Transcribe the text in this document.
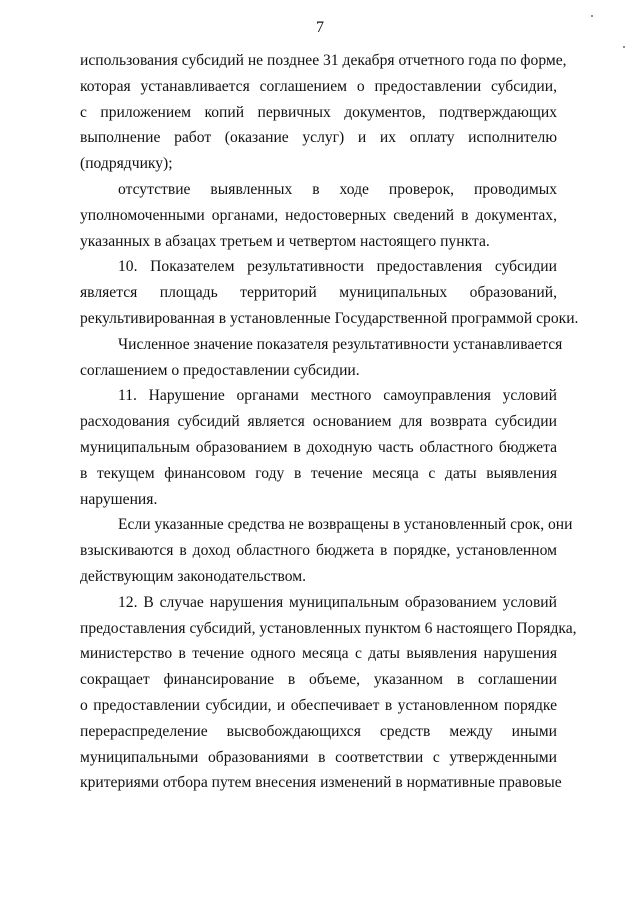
7
использования субсидий не позднее 31 декабря отчетного года по форме,
которая устанавливается соглашением о предоставлении субсидии,
с приложением копий первичных документов, подтверждающих
выполнение работ (оказание услуг) и их оплату исполнителю
(подрядчику);
отсутствие выявленных в ходе проверок, проводимых
уполномоченными органами, недостоверных сведений в документах,
указанных в абзацах третьем и четвертом настоящего пункта.
10. Показателем результативности предоставления субсидии
является площадь территорий муниципальных образований,
рекультивированная в установленные Государственной программой сроки.
Численное значение показателя результативности устанавливается
соглашением о предоставлении субсидии.
11. Нарушение органами местного самоуправления условий
расходования субсидий является основанием для возврата субсидии
муниципальным образованием в доходную часть областного бюджета
в текущем финансовом году в течение месяца с даты выявления
нарушения.
Если указанные средства не возвращены в установленный срок, они
взыскиваются в доход областного бюджета в порядке, установленном
действующим законодательством.
12. В случае нарушения муниципальным образованием условий
предоставления субсидий, установленных пунктом 6 настоящего Порядка,
министерство в течение одного месяца с даты выявления нарушения
сокращает финансирование в объеме, указанном в соглашении
о предоставлении субсидии, и обеспечивает в установленном порядке
перераспределение высвобождающихся средств между иными
муниципальными образованиями в соответствии с утвержденными
критериями отбора путем внесения изменений в нормативные правовые
